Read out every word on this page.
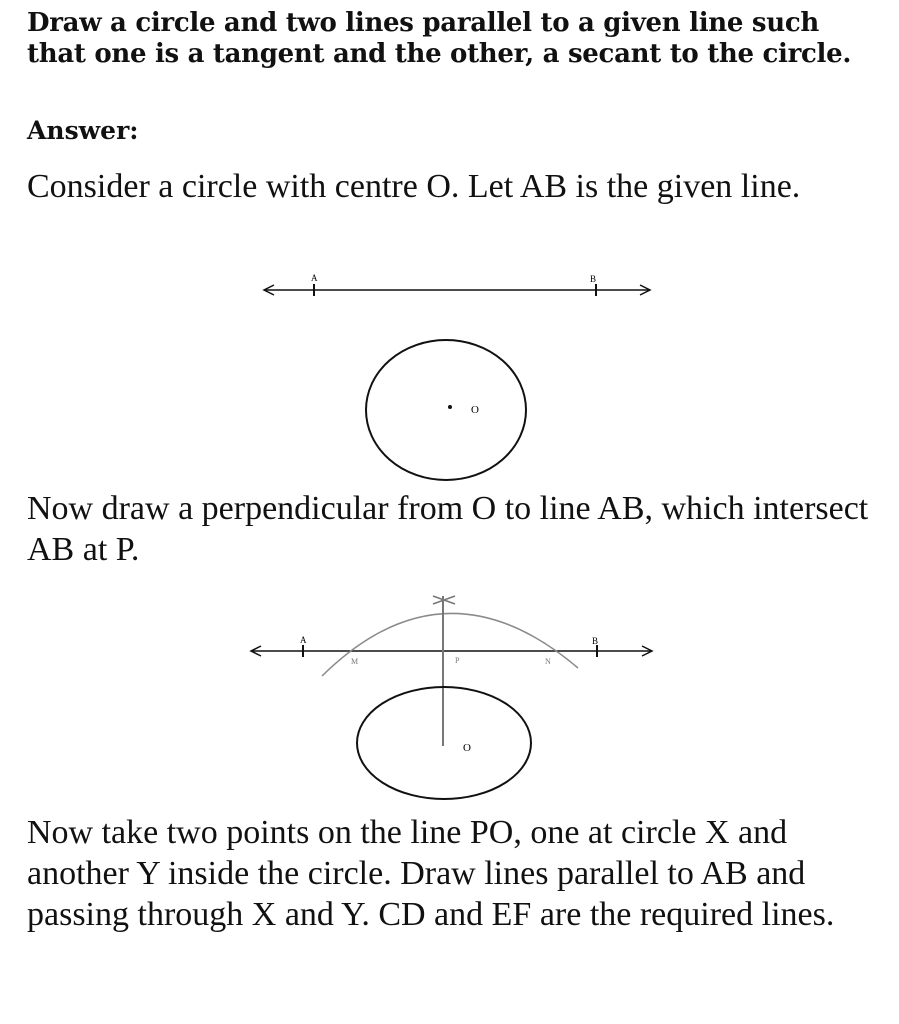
Draw a circle and two lines parallel to a given line such that one is a tangent and the other, a secant to the circle.
Answer:

Consider a circle with centre O. Let AB is the given line.

A	B
O
A	B
M	P	N
O

Now draw a perpendicular from O to line AB, which intersect AB at P.

Now take two points on the line PO, one at circle X and another Y inside the circle. Draw lines parallel to AB and passing through X and Y. CD and EF are the required lines.
